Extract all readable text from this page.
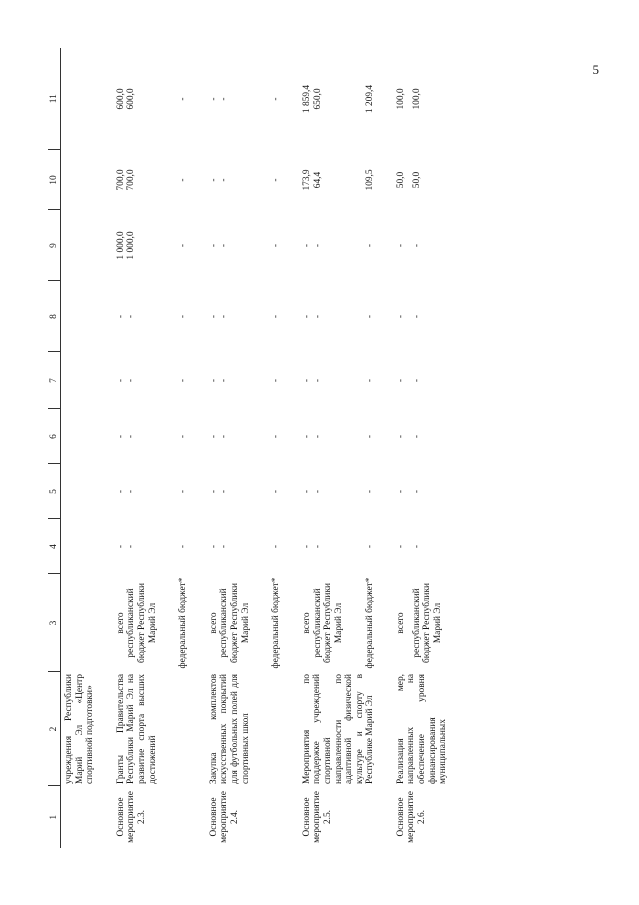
5
1	2	3	4	5	6	7	8	9	10	11
	учреждения Республики Марий Эл «Центр спортивной подготовки»									
Основное мероприятие 2.3.	Гранты Правительства Республики Марий Эл на развитие спорта высших достижений	всего	-	-	-	-	-	1 000,0	700,0	600,0
		республиканский бюджет Республики Марий Эл	-	-	-	-	-	1 000,0	700,0	600,0
		федеральный бюджет*	-	-	-	-	-	-	-	-
Основное мероприятие 2.4.	Закупка комплектов искусственных покрытий для футбольных полей для спортивных школ	всего	-	-	-	-	-	-	-	-
		республиканский бюджет Республики Марий Эл	-	-	-	-	-	-	-	-
		федеральный бюджет*	-	-	-	-	-	-	-	-
Основное мероприятие 2.5.	Мероприятия по поддержке учреждений спортивной направленности по адаптивной физической культуре и спорту в Республике Марий Эл	всего	-	-	-	-	-	-	173,9	1 859,4
		республиканский бюджет Республики Марий Эл	-	-	-	-	-	-	64,4	650,0
		федеральный бюджет*	-	-	-	-	-	-	109,5	1 209,4
Основное мероприятие 2.6.	Реализация мер, направленных на обеспечение уровня финансирования муниципальных	всего	-	-	-	-	-	-	50,0	100,0
		республиканский бюджет Республики Марий Эл	-	-	-	-	-	-	50,0	100,0
